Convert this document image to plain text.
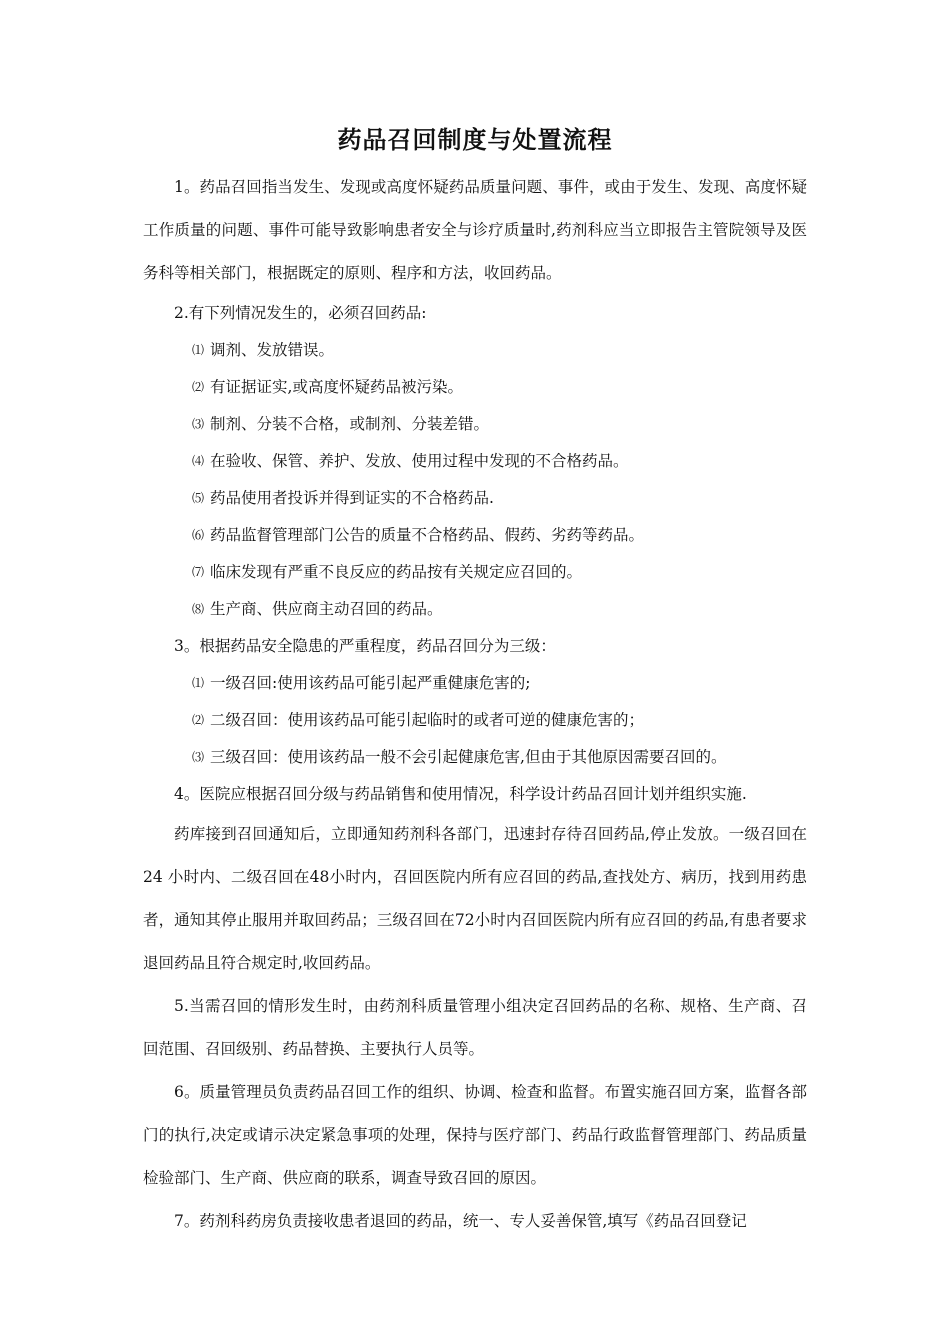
药品召回制度与处置流程

1。药品召回指当发生、发现或高度怀疑药品质量问题、事件，或由于发生、发现、高度怀疑工作质量的问题、事件可能导致影响患者安全与诊疗质量时,药剂科应当立即报告主管院领导及医务科等相关部门，根据既定的原则、程序和方法，收回药品。

2.有下列情况发生的，必须召回药品:

⑴ 调剂、发放错误。

⑵ 有证据证实,或高度怀疑药品被污染。

⑶ 制剂、分装不合格，或制剂、分装差错。

⑷ 在验收、保管、养护、发放、使用过程中发现的不合格药品。

⑸ 药品使用者投诉并得到证实的不合格药品.

⑹ 药品监督管理部门公告的质量不合格药品、假药、劣药等药品。

⑺ 临床发现有严重不良反应的药品按有关规定应召回的。

⑻ 生产商、供应商主动召回的药品。

3。根据药品安全隐患的严重程度，药品召回分为三级：

⑴ 一级召回:使用该药品可能引起严重健康危害的;

⑵ 二级召回：使用该药品可能引起临时的或者可逆的健康危害的；

⑶ 三级召回：使用该药品一般不会引起健康危害,但由于其他原因需要召回的。

4。医院应根据召回分级与药品销售和使用情况，科学设计药品召回计划并组织实施.

药库接到召回通知后，立即通知药剂科各部门，迅速封存待召回药品,停止发放。一级召回在24 小时内、二级召回在48小时内，召回医院内所有应召回的药品,查找处方、病历，找到用药患者，通知其停止服用并取回药品；三级召回在72小时内召回医院内所有应召回的药品,有患者要求退回药品且符合规定时,收回药品。

5.当需召回的情形发生时，由药剂科质量管理小组决定召回药品的名称、规格、生产商、召回范围、召回级别、药品替换、主要执行人员等。

6。质量管理员负责药品召回工作的组织、协调、检查和监督。布置实施召回方案，监督各部门的执行,决定或请示决定紧急事项的处理，保持与医疗部门、药品行政监督管理部门、药品质量检验部门、生产商、供应商的联系，调查导致召回的原因。

7。药剂科药房负责接收患者退回的药品，统一、专人妥善保管,填写《药品召回登记
